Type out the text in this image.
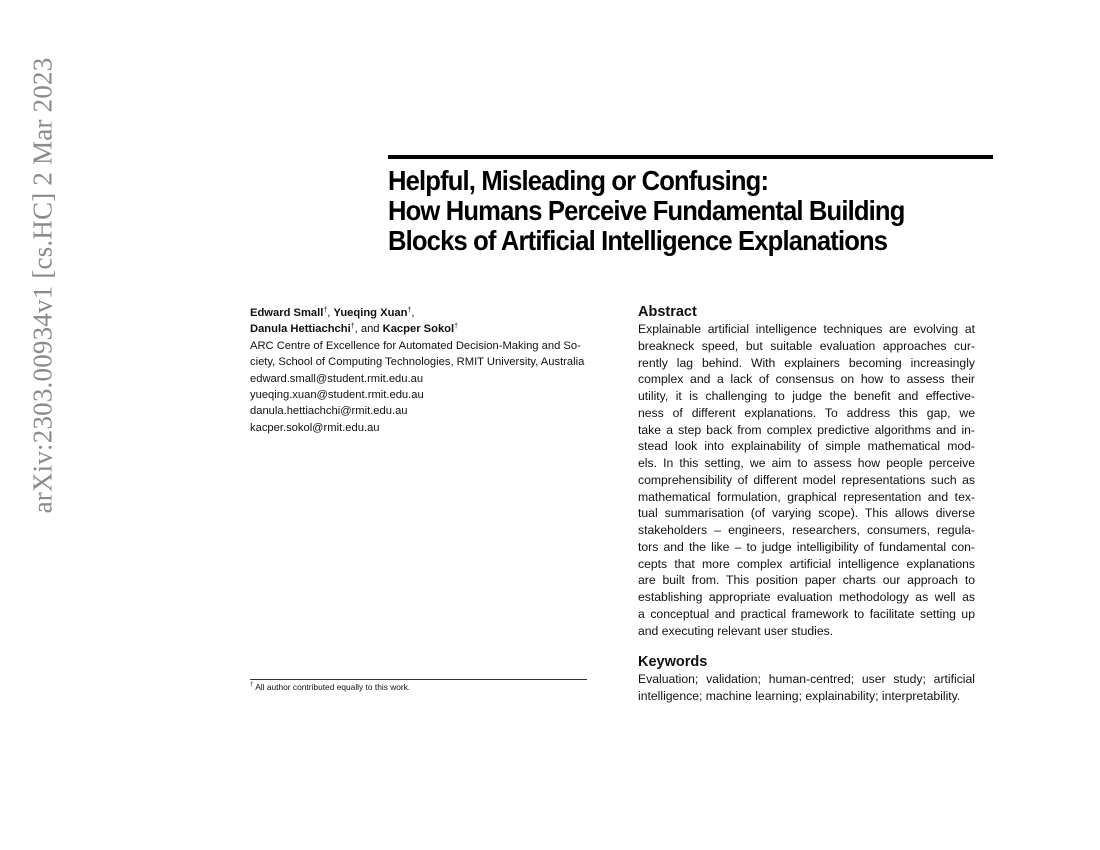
arXiv:2303.00934v1 [cs.HC] 2 Mar 2023	Helpful, Misleading or Confusing:
How Humans Perceive Fundamental Building
Blocks of Artificial Intelligence Explanations
Edward Small†, Yueqing Xuan†,
Danula Hettiachchi†, and Kacper Sokol†
ARC Centre of Excellence for Automated Decision-Making and So-
ciety, School of Computing Technologies, RMIT University, Australia
edward.small@student.rmit.edu.au
yueqing.xuan@student.rmit.edu.au
danula.hettiachchi@rmit.edu.au
kacper.sokol@rmit.edu.au
† All author contributed equally to this work.
Abstract
Explainable artificial intelligence techniques are evolving at
breakneck speed, but suitable evaluation approaches cur-
rently lag behind. With explainers becoming increasingly
complex and a lack of consensus on how to assess their
utility, it is challenging to judge the benefit and effective-
ness of different explanations. To address this gap, we
take a step back from complex predictive algorithms and in-
stead look into explainability of simple mathematical mod-
els. In this setting, we aim to assess how people perceive
comprehensibility of different model representations such as
mathematical formulation, graphical representation and tex-
tual summarisation (of varying scope). This allows diverse
stakeholders – engineers, researchers, consumers, regula-
tors and the like – to judge intelligibility of fundamental con-
cepts that more complex artificial intelligence explanations
are built from. This position paper charts our approach to
establishing appropriate evaluation methodology as well as
a conceptual and practical framework to facilitate setting up
and executing relevant user studies.
Keywords
Evaluation; validation; human-centred; user study; artificial
intelligence; machine learning; explainability; interpretability.
